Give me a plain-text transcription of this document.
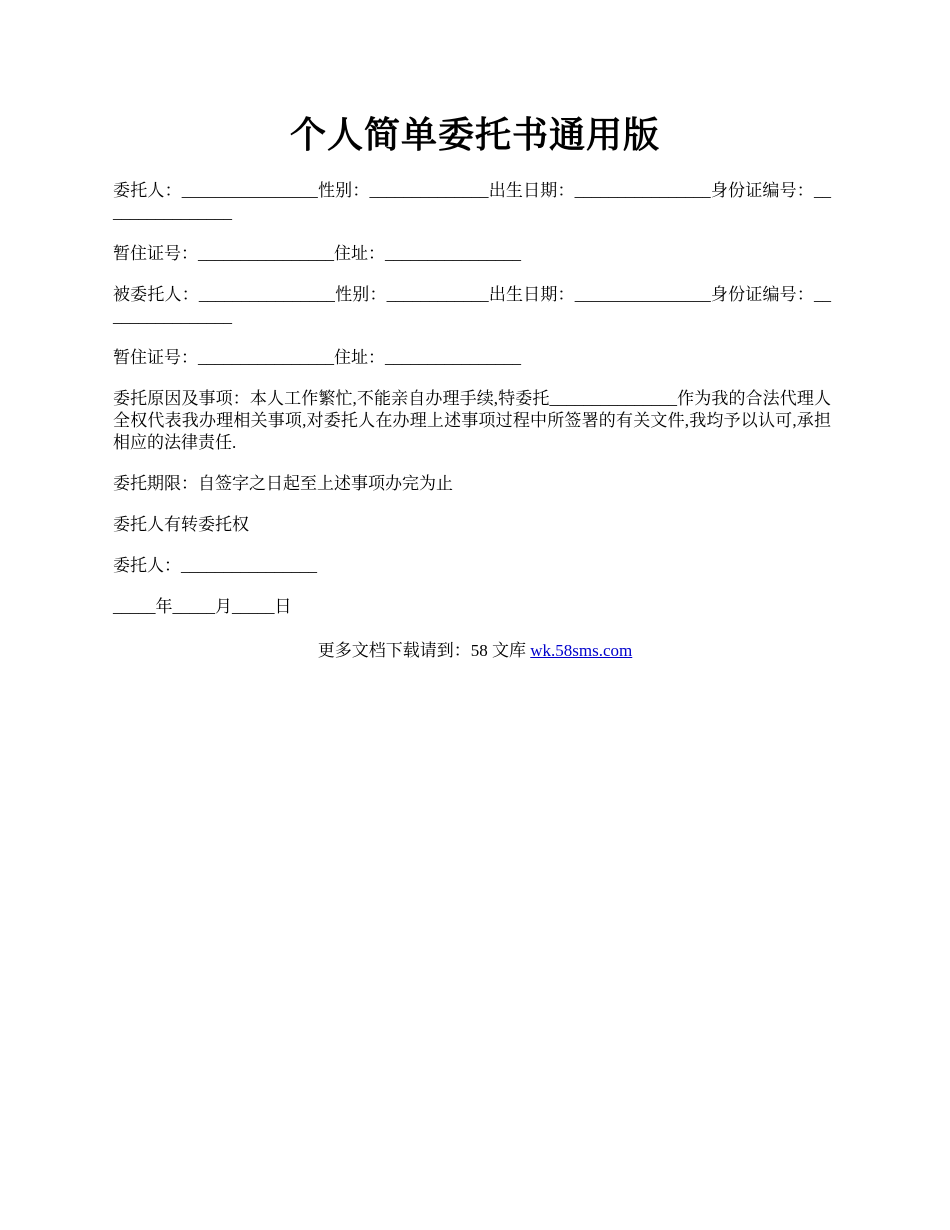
个人简单委托书通用版

委托人：________________性别：______________出生日期：________________身份证编号：________________

暂住证号：________________住址：________________

被委托人：________________性别：____________出生日期：________________身份证编号：________________

暂住证号：________________住址：________________

委托原因及事项：本人工作繁忙,不能亲自办理手续,特委托_______________作为我的合法代理人全权代表我办理相关事项,对委托人在办理上述事项过程中所签署的有关文件,我均予以认可,承担相应的法律责任.

委托期限：自签字之日起至上述事项办完为止

委托人有转委托权

委托人：________________

_____年_____月_____日

更多文档下载请到：58 文库 wk.58sms.com
